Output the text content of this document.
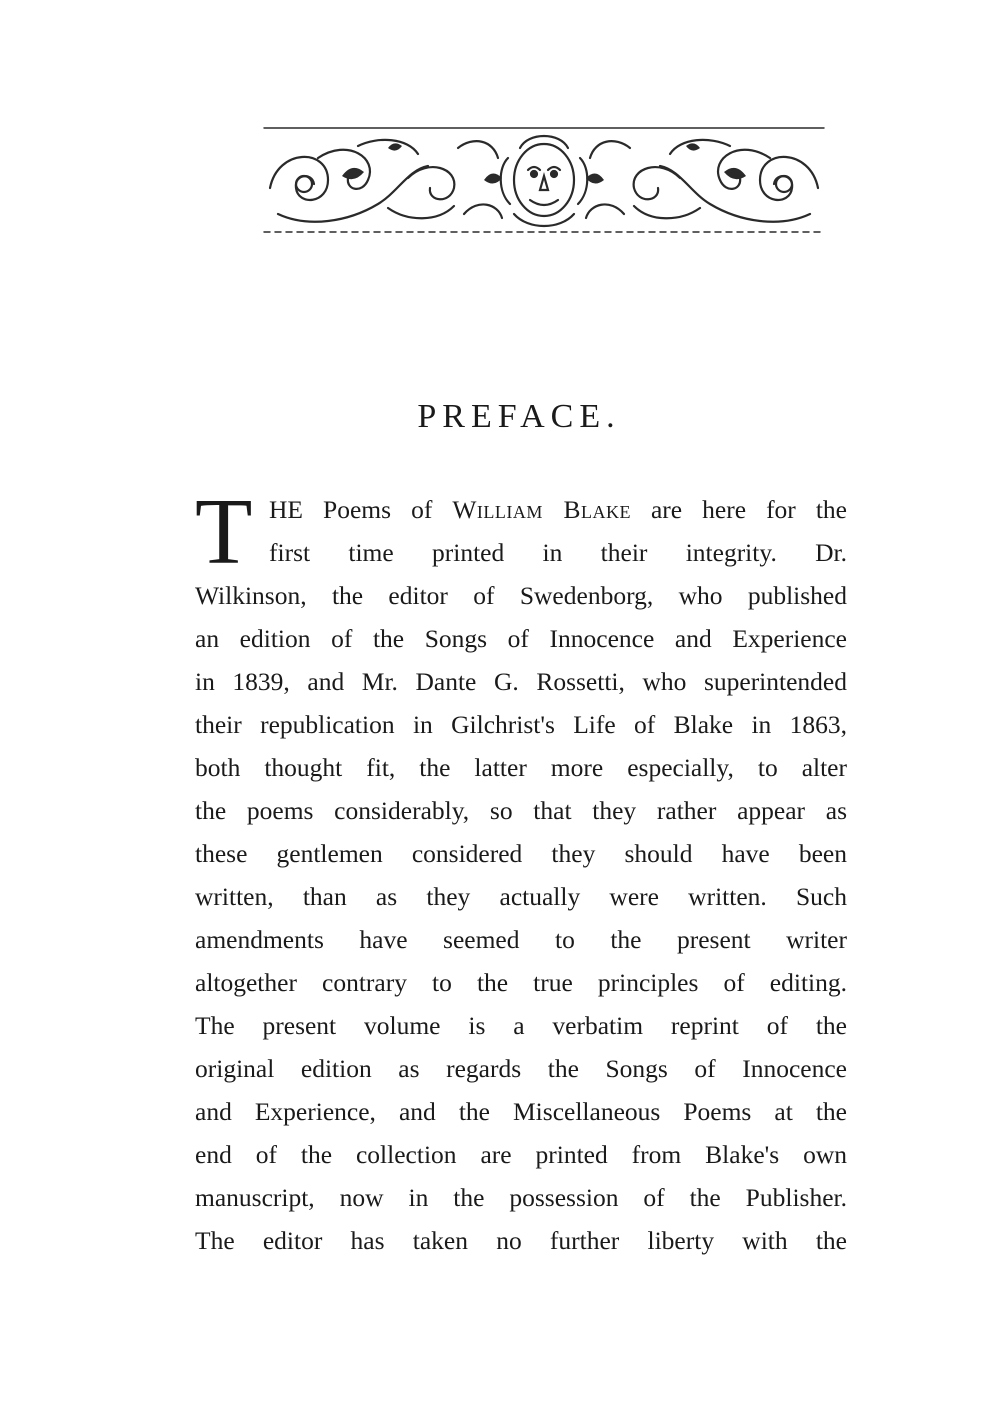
PREFACE.
T HE Poems of William Blake are here for the
first time printed in their integrity. Dr.
Wilkinson, the editor of Swedenborg, who published
an edition of the Songs of Innocence and Experience
in 1839, and Mr. Dante G. Rossetti, who superintended
their republication in Gilchrist's Life of Blake in 1863,
both thought fit, the latter more especially, to alter
the poems considerably, so that they rather appear as
these gentlemen considered they should have been
written, than as they actually were written. Such
amendments have seemed to the present writer
altogether contrary to the true principles of editing.
The present volume is a verbatim reprint of the
original edition as regards the Songs of Innocence
and Experience, and the Miscellaneous Poems at the
end of the collection are printed from Blake's own
manuscript, now in the possession of the Publisher.
The editor has taken no further liberty with the
